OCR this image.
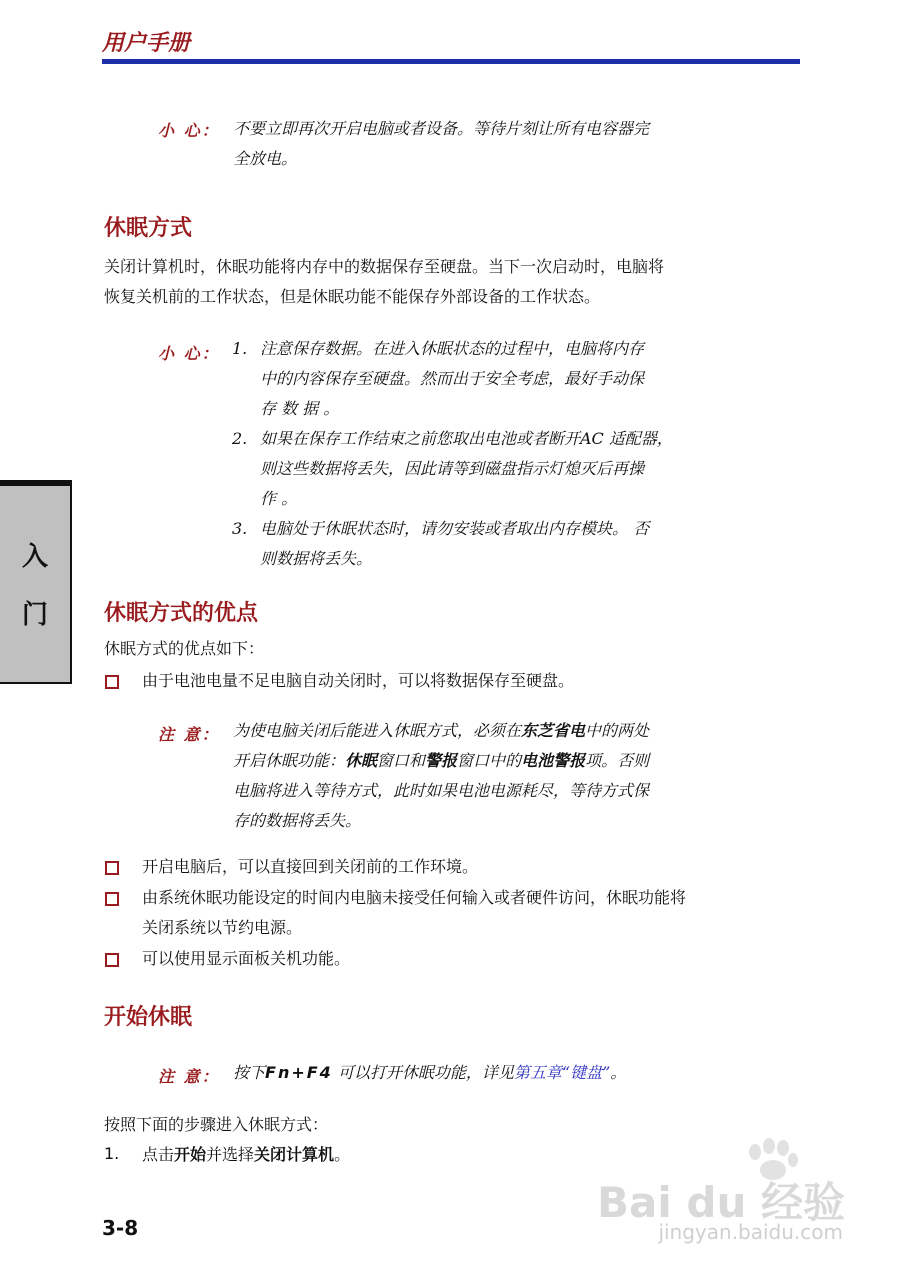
用户手册
入
门
小 心： 不要立即再次开启电脑或者设备。等待片刻让所有电容器完
全放电。
休眠方式
关闭计算机时，休眠功能将内存中的数据保存至硬盘。当下一次启动时，电脑将
恢复关机前的工作状态，但是休眠功能不能保存外部设备的工作状态。
小 心： 1. 注意保存数据。在进入休眠状态的过程中，电脑将内存
中的内容保存至硬盘。然而出于安全考虑，最好手动保
存 数 据 。
2. 如果在保存工作结束之前您取出电池或者断开AC 适配器，
则这些数据将丢失，因此请等到磁盘指示灯熄灭后再操
作 。
3. 电脑处于休眠状态时，请勿安装或者取出内存模块。 否
则数据将丢失。
休眠方式的优点
休眠方式的优点如下：
由于电池电量不足电脑自动关闭时，可以将数据保存至硬盘。
注 意： 为使电脑关闭后能进入休眠方式，必须在东芝省电中的两处
开启休眠功能：休眠窗口和警报窗口中的电池警报项。否则
电脑将进入等待方式，此时如果电池电源耗尽，等待方式保
存的数据将丢失。
开启电脑后，可以直接回到关闭前的工作环境。
由系统休眠功能设定的时间内电脑未接受任何输入或者硬件访问，休眠功能将
关闭系统以节约电源。
可以使用显示面板关机功能。
开始休眠
注 意： 按下Fn+F4 可以打开休眠功能，详见第五章“键盘”。
按照下面的步骤进入休眠方式：
1. 点击开始并选择关闭计算机。
3-8
Bai du 经验
jingyan.baidu.com
